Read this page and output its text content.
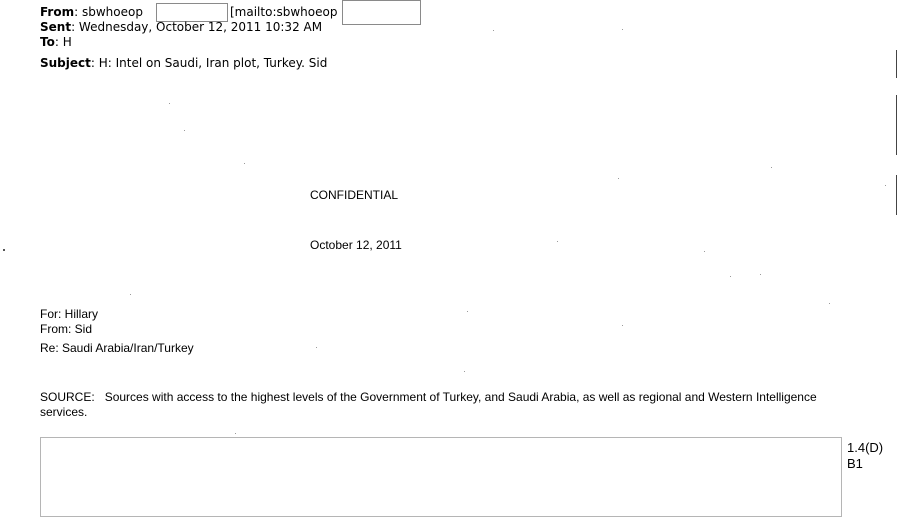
From: sbwhoeop	[mailto:sbwhoeop
Sent: Wednesday, October 12, 2011 10:32 AM
To: H
Subject: H: Intel on Saudi, Iran plot, Turkey. Sid
CONFIDENTIAL
October 12, 2011
For: Hillary
From: Sid
Re: Saudi Arabia/Iran/Turkey
SOURCE: Sources with access to the highest levels of the Government of Turkey, and Saudi Arabia, as well as regional and Western Intelligence services.
1.4(D)
B1
